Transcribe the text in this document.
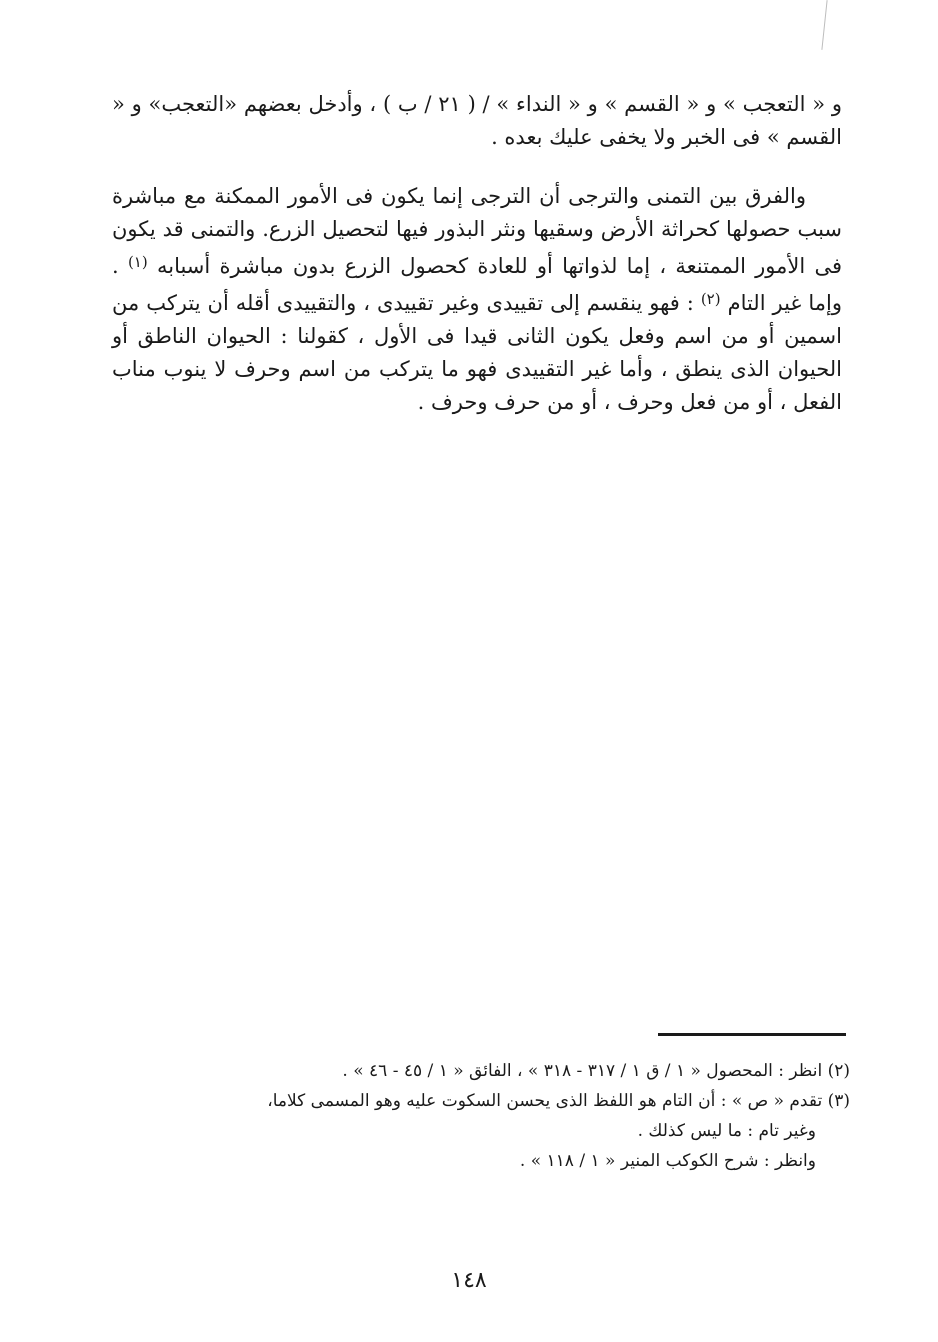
و « التعجب » و « القسم » و « النداء » / ( ٢١ / ب ) ، وأدخل بعضهم «التعجب» و « القسم » فى الخبر ولا يخفى عليك بعده .

والفرق بين التمنى والترجى أن الترجى إنما يكون فى الأمور الممكنة مع مباشرة سبب حصولها كحراثة الأرض وسقيها ونثر البذور فيها لتحصيل الزرع. والتمنى قد يكون فى الأمور الممتنعة ، إما لذواتها أو للعادة كحصول الزرع بدون مباشرة أسبابه $^{(١)}$ . وإما غير التام $^{(٢)}$ : فهو ينقسم إلى تقييدى وغير تقييدى ، والتقييدى أقله أن يتركب من اسمين أو من اسم وفعل يكون الثانى قيدا فى الأول ، كقولنا : الحيوان الناطق أو الحيوان الذى ينطق ، وأما غير التقييدى فهو ما يتركب من اسم وحرف لا ينوب مناب الفعل ، أو من فعل وحرف ، أو من حرف وحرف .

(٢) انظر : المحصول « ١ / ق ١ / ٣١٧ - ٣١٨ » ، الفائق « ١ / ٤٥ - ٤٦ » .

(٣) تقدم « ص » : أن التام هو اللفظ الذى يحسن السكوت عليه وهو المسمى كلاما،

وغير تام : ما ليس كذلك .

وانظر : شرح الكوكب المنير « ١ / ١١٨ » .

١٤٨
